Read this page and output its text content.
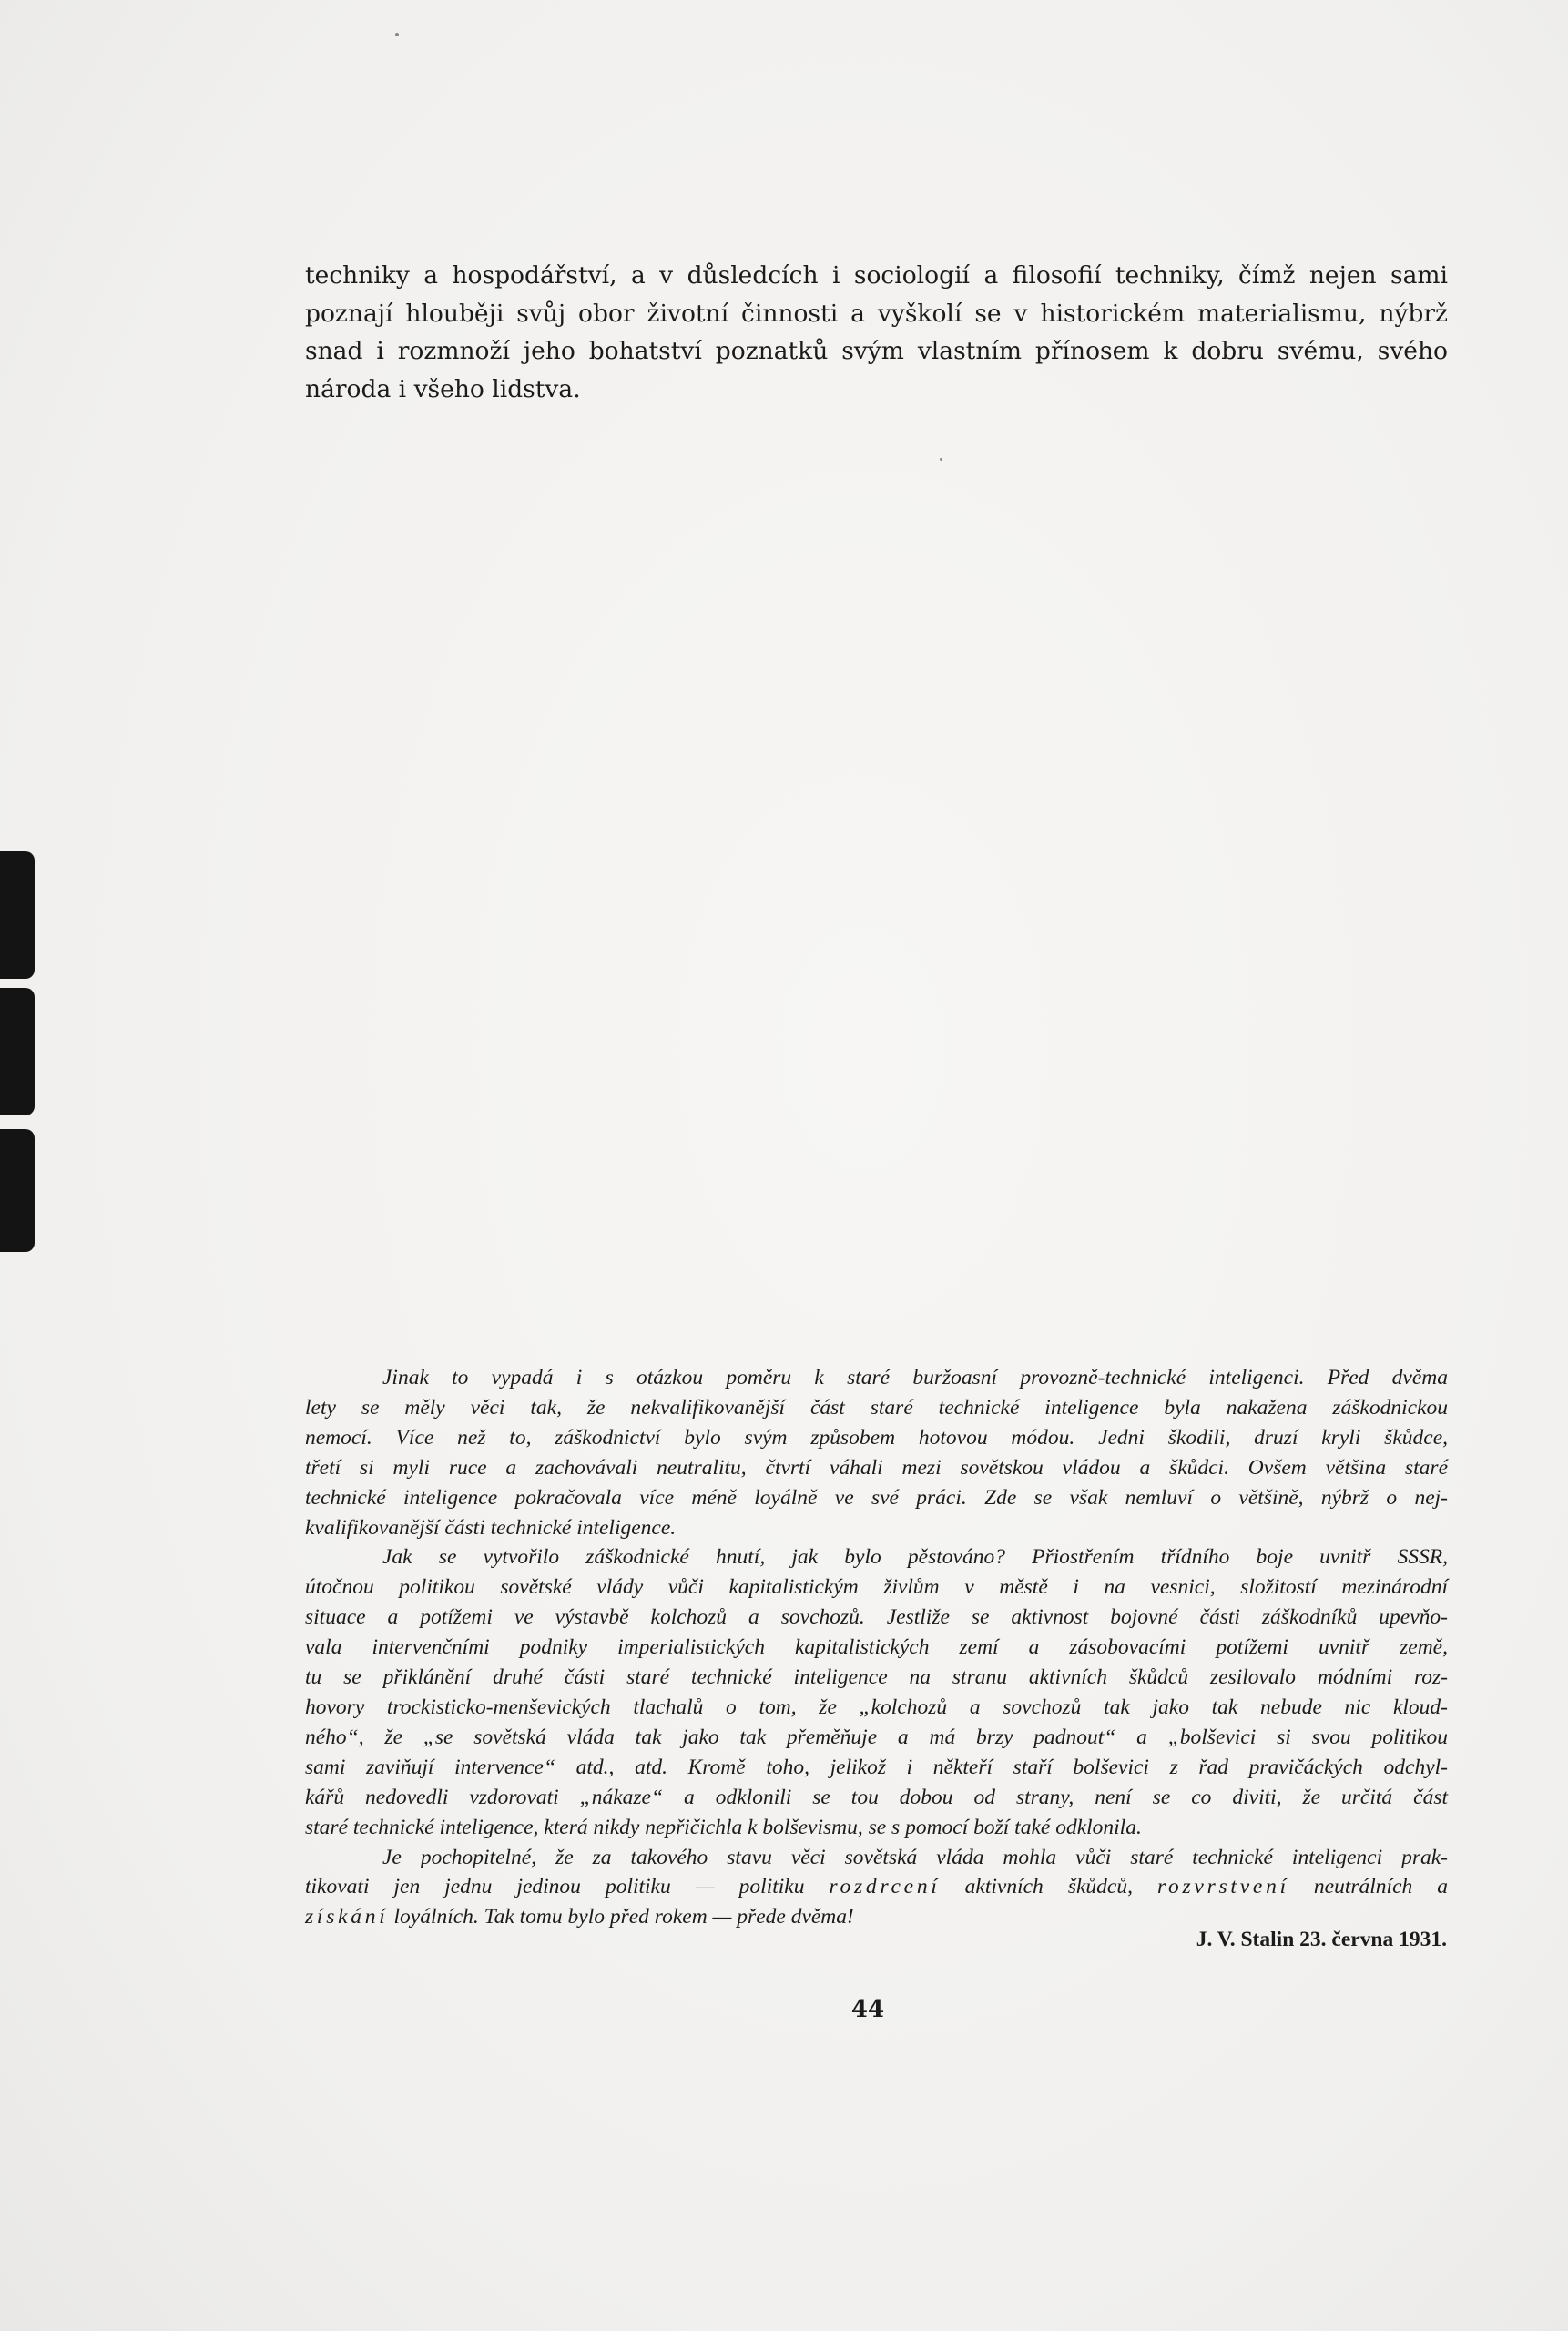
techniky a hospodářství, a v důsledcích i sociologií a filosofií techniky, čímž nejen sami
poznají hlouběji svůj obor životní činnosti a vyškolí se v historickém materialismu, nýbrž
snad i rozmnoží jeho bohatství poznatků svým vlastním přínosem k dobru svému, svého
národa i všeho lidstva.

Jinak to vypadá i s otázkou poměru k staré buržoasní provozně-technické inteligenci. Před dvěma
lety se měly věci tak, že nekvalifikovanější část staré technické inteligence byla nakažena záškodnickou
nemocí. Více než to, záškodnictví bylo svým způsobem hotovou módou. Jedni škodili, druzí kryli škůdce,
třetí si myli ruce a zachovávali neutralitu, čtvrtí váhali mezi sovětskou vládou a škůdci. Ovšem většina staré
technické inteligence pokračovala více méně loyálně ve své práci. Zde se však nemluví o většině, nýbrž o nej-
kvalifikovanější části technické inteligence.
Jak se vytvořilo záškodnické hnutí, jak bylo pěstováno? Přiostřením třídního boje uvnitř SSSR,
útočnou politikou sovětské vlády vůči kapitalistickým živlům v městě i na vesnici, složitostí mezinárodní
situace a potížemi ve výstavbě kolchozů a sovchozů. Jestliže se aktivnost bojovné části záškodníků upevňo-
vala intervenčními podniky imperialistických kapitalistických zemí a zásobovacími potížemi uvnitř země,
tu se přiklánění druhé části staré technické inteligence na stranu aktivních škůdců zesilovalo módními roz-
hovory trockisticko-menševických tlachalů o tom, že „kolchozů a sovchozů tak jako tak nebude nic kloud-
ného“, že „se sovětská vláda tak jako tak přeměňuje a má brzy padnout“ a „bolševici si svou politikou
sami zaviňují intervence“ atd., atd. Kromě toho, jelikož i někteří staří bolševici z řad pravičáckých odchyl-
kářů nedovedli vzdorovati „nákaze“ a odklonili se tou dobou od strany, není se co diviti, že určitá část
staré technické inteligence, která nikdy nepřičichla k bolševismu, se s pomocí boží také odklonila.
Je pochopitelné, že za takového stavu věci sovětská vláda mohla vůči staré technické inteligenci prak-
tikovati jen jednu jedinou politiku — politiku rozdrcení aktivních škůdců, rozvrstvení neutrálních a
získání loyálních. Tak tomu bylo před rokem — přede dvěma!

J. V. Stalin 23. června 1931.

44
